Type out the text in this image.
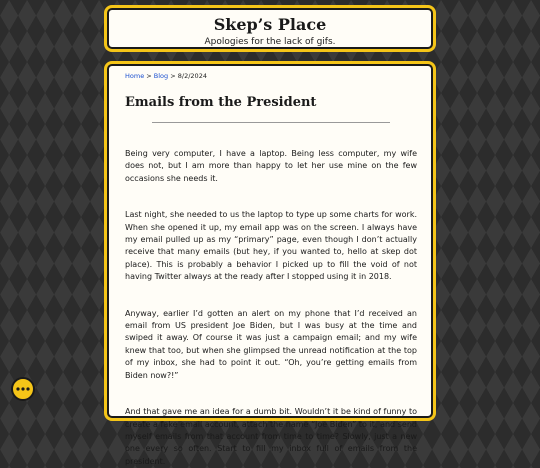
Skep’s Place
Apologies for the lack of gifs.
Home > Blog > 8/2/2024
Emails from the President

Being very computer, I have a laptop. Being less computer, my wife does not, but I am more than happy to let her use mine on the few occasions she needs it.

Last night, she needed to us the laptop to type up some charts for work. When she opened it up, my email app was on the screen. I always have my email pulled up as my “primary” page, even though I don’t actually receive that many emails (but hey, if you wanted to, hello at skep dot place). This is probably a behavior I picked up to fill the void of not having Twitter always at the ready after I stopped using it in 2018.

Anyway, earlier I’d gotten an alert on my phone that I’d received an email from US president Joe Biden, but I was busy at the time and swiped it away. Of course it was just a campaign email; and my wife knew that too, but when she glimpsed the unread notification at the top of my inbox, she had to point it out. “Oh, you’re getting emails from Biden now?!”

And that gave me an idea for a dumb bit. Wouldn’t it be kind of funny to create a fake email account, attach the name “Joe Biden” to it, and send myself emails from that account from time to time? Slowly, just a new one every so often. Start to fill my inbox full of emails from the president.
